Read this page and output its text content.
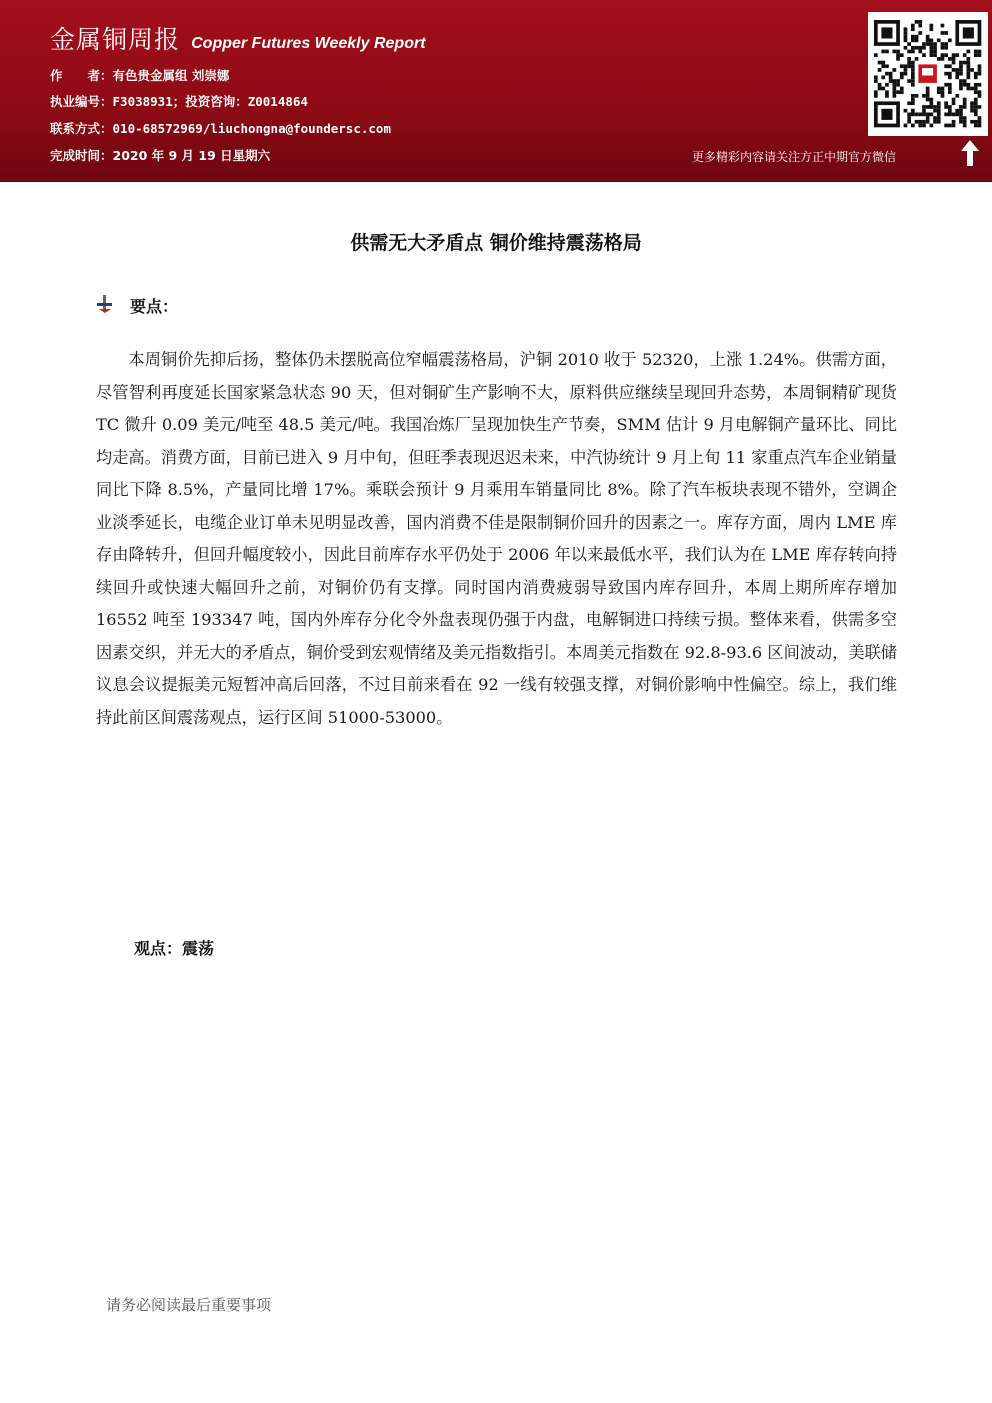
金属铜周报 Copper Futures Weekly Report
作　　者：有色贵金属组 刘崇娜
执业编号：F3038931；投资咨询：Z0014864
联系方式：010-68572969/liuchongna@foundersc.com
完成时间：2020 年 9 月 19 日星期六	更多精彩内容请关注方正中期官方微信
供需无大矛盾点 铜价维持震荡格局
要点：

本周铜价先抑后扬，整体仍未摆脱高位窄幅震荡格局，沪铜 2010 收于 52320，上涨 1.24%。供需方面，尽管智利再度延长国家紧急状态 90 天，但对铜矿生产影响不大，原料供应继续呈现回升态势，本周铜精矿现货 TC 微升 0.09 美元/吨至 48.5 美元/吨。我国冶炼厂呈现加快生产节奏，SMM 估计 9 月电解铜产量环比、同比均走高。消费方面，目前已进入 9 月中旬，但旺季表现迟迟未来，中汽协统计 9 月上旬 11 家重点汽车企业销量同比下降 8.5%，产量同比增 17%。乘联会预计 9 月乘用车销量同比 8%。除了汽车板块表现不错外，空调企业淡季延长，电缆企业订单未见明显改善，国内消费不佳是限制铜价回升的因素之一。库存方面，周内 LME 库存由降转升，但回升幅度较小，因此目前库存水平仍处于 2006 年以来最低水平，我们认为在 LME 库存转向持续回升或快速大幅回升之前，对铜价仍有支撑。同时国内消费疲弱导致国内库存回升，本周上期所库存增加 16552 吨至 193347 吨，国内外库存分化令外盘表现仍强于内盘，电解铜进口持续亏损。整体来看，供需多空因素交织，并无大的矛盾点，铜价受到宏观情绪及美元指数指引。本周美元指数在 92.8-93.6 区间波动，美联储议息会议提振美元短暂冲高后回落，不过目前来看在 92 一线有较强支撑，对铜价影响中性偏空。综上，我们维持此前区间震荡观点，运行区间 51000-53000。

观点：震荡
请务必阅读最后重要事项
